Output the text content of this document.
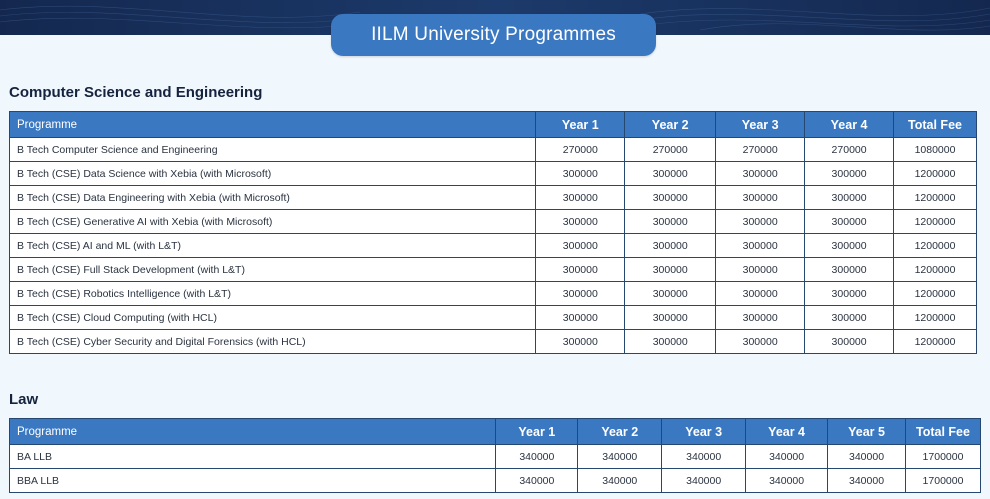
IILM University Programmes
Computer Science and Engineering
Programme	Year 1	Year 2	Year 3	Year 4	Total Fee
B Tech Computer Science and Engineering	270000	270000	270000	270000	1080000
B Tech (CSE) Data Science with Xebia (with Microsoft)	300000	300000	300000	300000	1200000
B Tech (CSE) Data Engineering with Xebia (with Microsoft)	300000	300000	300000	300000	1200000
B Tech (CSE) Generative AI with Xebia (with Microsoft)	300000	300000	300000	300000	1200000
B Tech (CSE) AI and ML (with L&T)	300000	300000	300000	300000	1200000
B Tech (CSE) Full Stack Development (with L&T)	300000	300000	300000	300000	1200000
B Tech (CSE) Robotics Intelligence (with L&T)	300000	300000	300000	300000	1200000
B Tech (CSE) Cloud Computing (with HCL)	300000	300000	300000	300000	1200000
B Tech (CSE) Cyber Security and Digital Forensics (with HCL)	300000	300000	300000	300000	1200000
Law
Programme	Year 1	Year 2	Year 3	Year 4	Year 5	Total Fee
BA LLB	340000	340000	340000	340000	340000	1700000
BBA LLB	340000	340000	340000	340000	340000	1700000
